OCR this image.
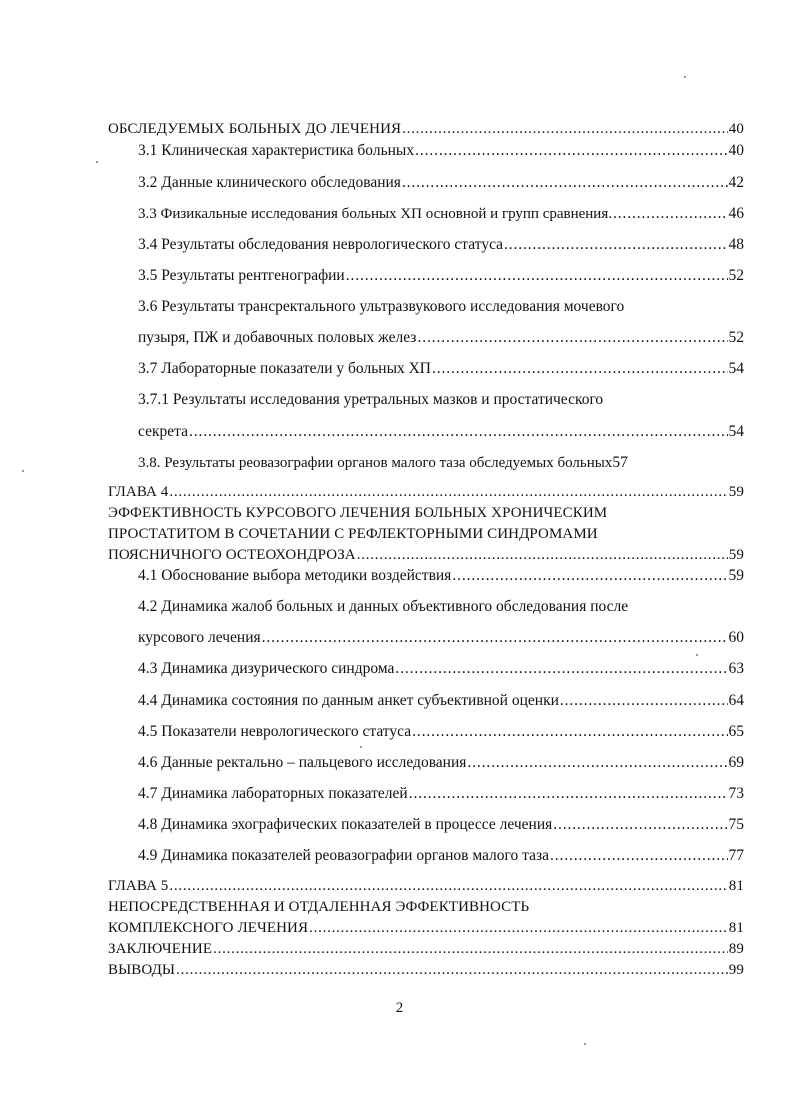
ОБСЛЕДУЕМЫХ БОЛЬНЫХ ДО ЛЕЧЕНИЯ . . .	40
3.1 Клиническая характеристика больных . . .	40
3.2 Данные клинического обследования . . .	42
3.3 Физикальные исследования больных ХП основной и групп сравнения. . . .	46
3.4 Результаты обследования неврологического статуса . . .	48
3.5 Результаты рентгенографии . . .	52
3.6 Результаты трансректального ультразвукового исследования мочевого
пузыря, ПЖ и добавочных половых желез . . .	52
3.7 Лабораторные показатели у больных ХП . . .	54
3.7.1 Результаты исследования уретральных мазков и простатического
секрета . . .	54
3.8. Результаты реовазографии органов малого таза обследуемых больных 57
ГЛАВА 4 . . .	59
ЭФФЕКТИВНОСТЬ КУРСОВОГО ЛЕЧЕНИЯ БОЛЬНЫХ ХРОНИЧЕСКИМ
ПРОСТАТИТОМ В СОЧЕТАНИИ С РЕФЛЕКТОРНЫМИ СИНДРОМАМИ
ПОЯСНИЧНОГО ОСТЕОХОНДРОЗА . . .	59
4.1 Обоснование выбора методики воздействия . . .	59
4.2 Динамика жалоб больных и данных объективного обследования после
курсового лечения . . .	60
4.3 Динамика дизурического синдрома . . .	63
4.4 Динамика состояния по данным анкет субъективной оценки . . .	64
4.5 Показатели неврологического статуса . . .	65
4.6 Данные ректально – пальцевого исследования . . .	69
4.7 Динамика лабораторных показателей . . .	73
4.8 Динамика эхографических показателей в процессе лечения . . .	75
4.9 Динамика показателей реовазографии органов малого таза . . .	77
ГЛАВА 5 . . .	81
НЕПОСРЕДСТВЕННАЯ И ОТДАЛЕННАЯ ЭФФЕКТИВНОСТЬ
КОМПЛЕКСНОГО ЛЕЧЕНИЯ . . .	81
ЗАКЛЮЧЕНИЕ . . .	89
ВЫВОДЫ . . .	99
2
